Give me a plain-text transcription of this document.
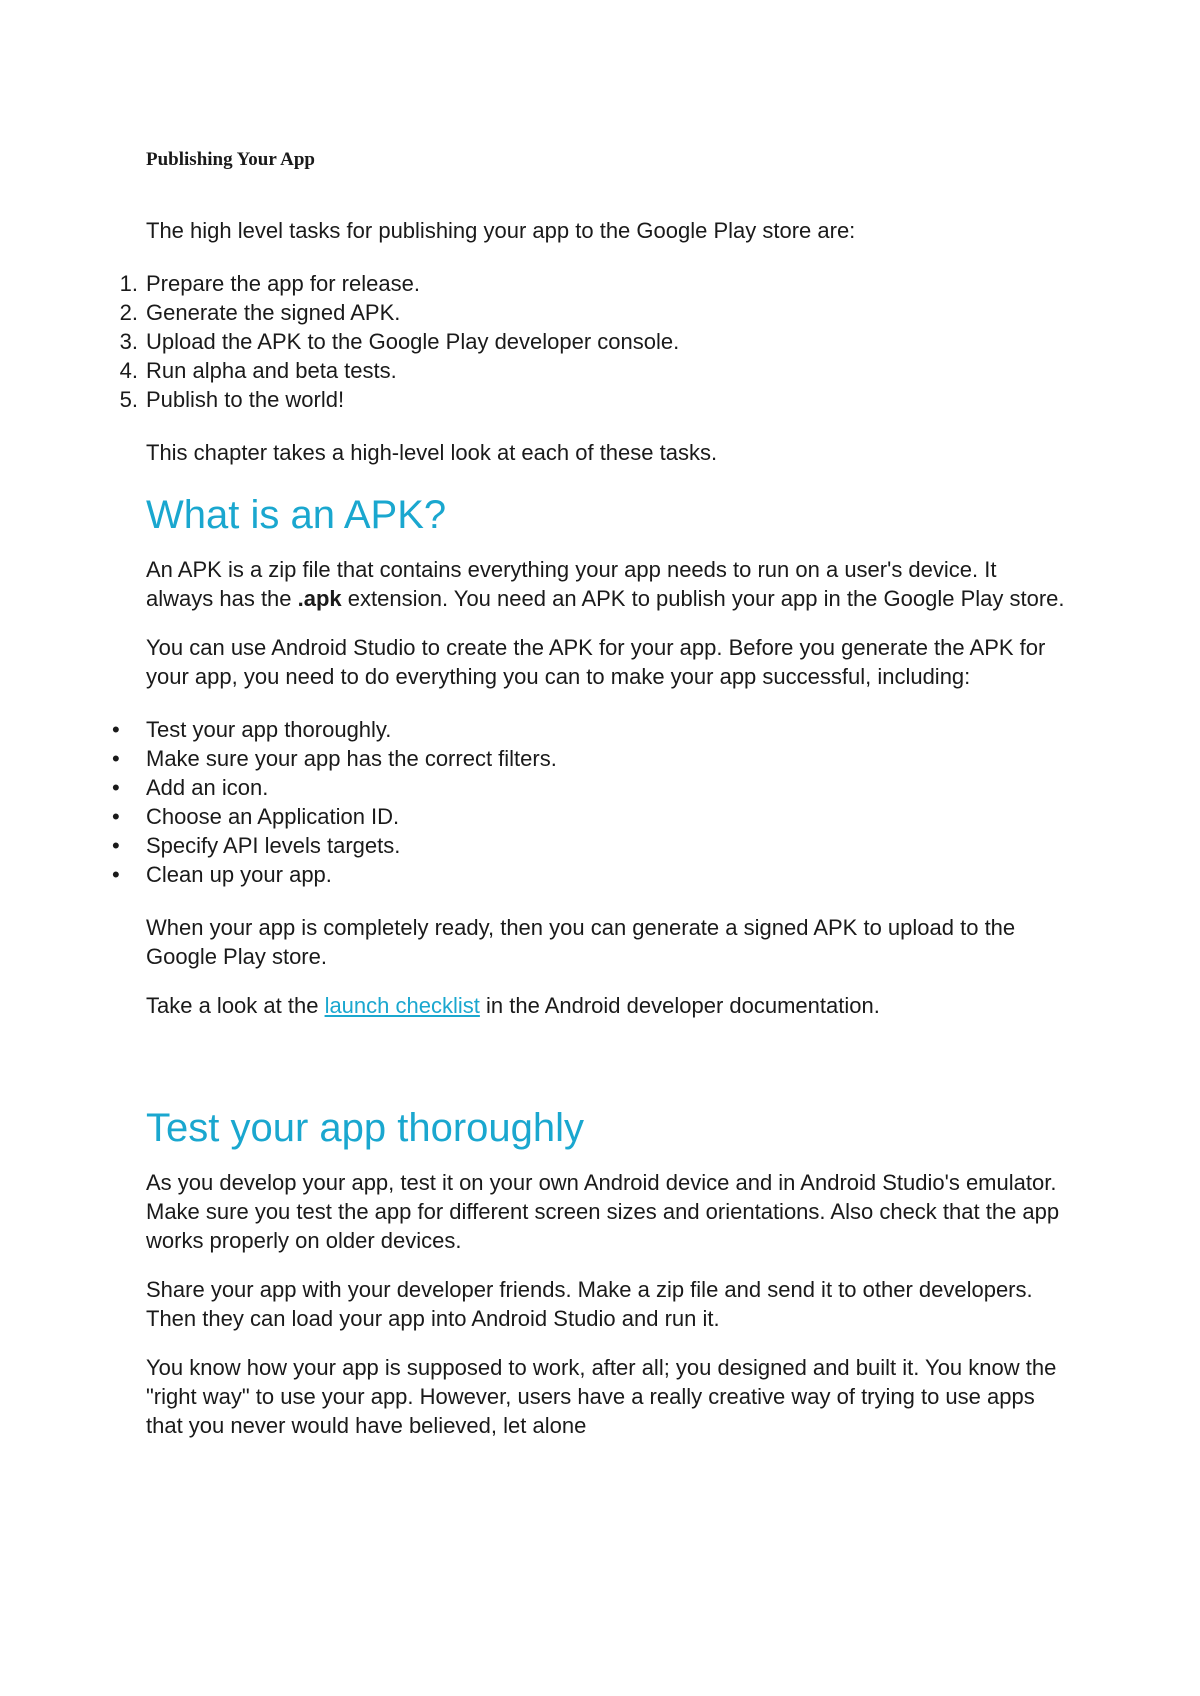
Publishing Your App

The high level tasks for publishing your app to the Google Play store are:

1. Prepare the app for release.
2. Generate the signed APK.
3. Upload the APK to the Google Play developer console.
4. Run alpha and beta tests.
5. Publish to the world!

This chapter takes a high-level look at each of these tasks.

What is an APK?

An APK is a zip file that contains everything your app needs to run on a user's device. It always has the .apk extension. You need an APK to publish your app in the Google Play store.

You can use Android Studio to create the APK for your app. Before you generate the APK for your app, you need to do everything you can to make your app successful, including:

•	Test your app thoroughly.
•	Make sure your app has the correct filters.
•	Add an icon.
•	Choose an Application ID.
•	Specify API levels targets.
•	Clean up your app.

When your app is completely ready, then you can generate a signed APK to upload to the Google Play store.

Take a look at the launch checklist in the Android developer documentation.

Test your app thoroughly

As you develop your app, test it on your own Android device and in Android Studio's emulator. Make sure you test the app for different screen sizes and orientations. Also check that the app works properly on older devices.

Share your app with your developer friends. Make a zip file and send it to other developers. Then they can load your app into Android Studio and run it.

You know how your app is supposed to work, after all; you designed and built it. You know the "right way" to use your app. However, users have a really creative way of trying to use apps that you never would have believed, let alone
